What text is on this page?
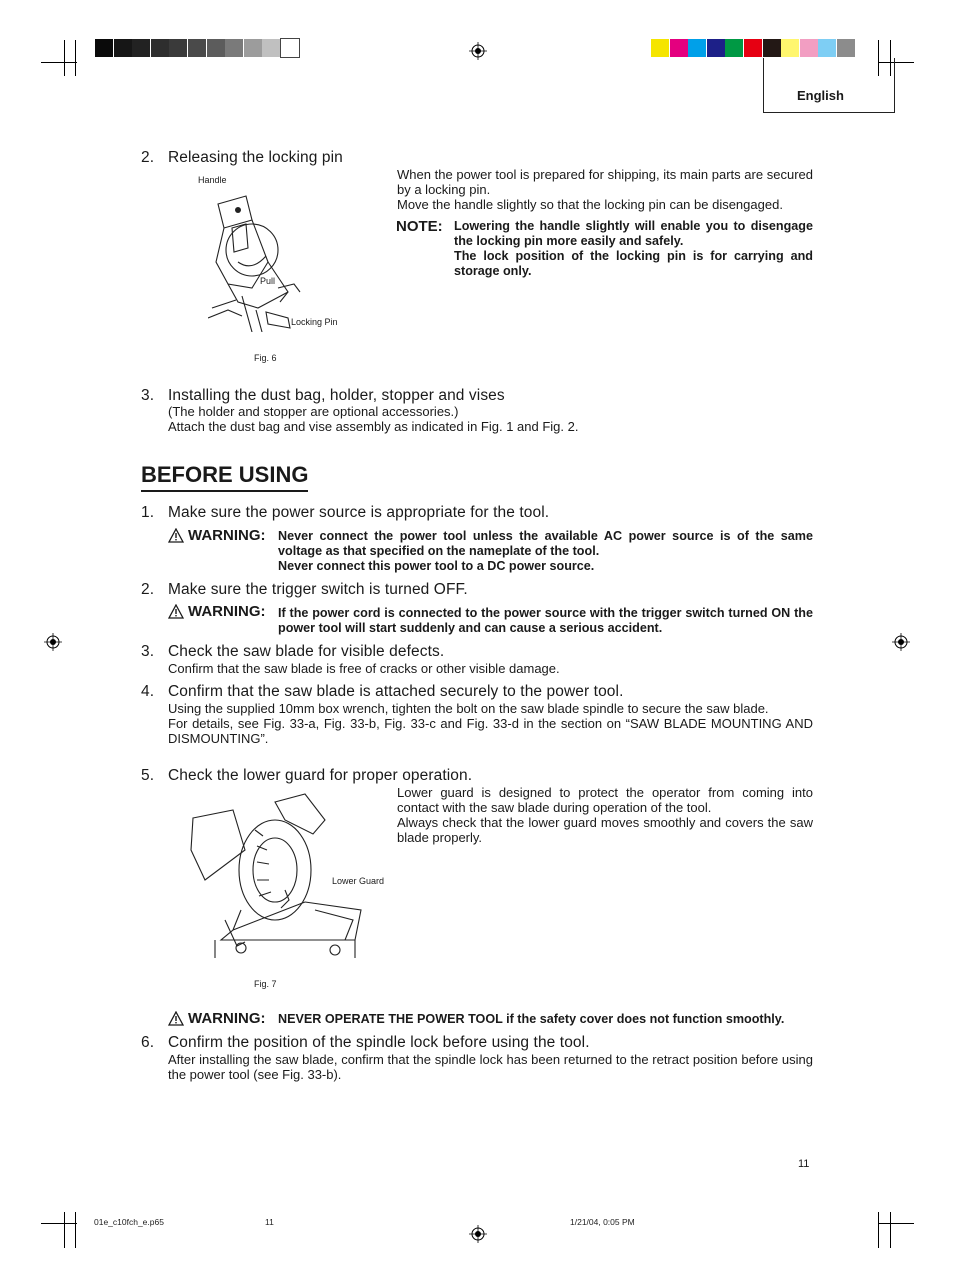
English
2. Releasing the locking pin
Handle
Pull
Locking Pin
Fig. 6
When the power tool is prepared for shipping, its main parts are secured by a locking pin.
Move the handle slightly so that the locking pin can be disengaged.
NOTE: Lowering the handle slightly will enable you to disengage the locking pin more easily and safely.
The lock position of the locking pin is for carrying and storage only.
3. Installing the dust bag, holder, stopper and vises
(The holder and stopper are optional accessories.)
Attach the dust bag and vise assembly as indicated in Fig. 1 and Fig. 2.
BEFORE USING
1. Make sure the power source is appropriate for the tool.
WARNING: Never connect the power tool unless the available AC power source is of the same voltage as that specified on the nameplate of the tool.
Never connect this power tool to a DC power source.
2. Make sure the trigger switch is turned OFF.
WARNING: If the power cord is connected to the power source with the trigger switch turned ON the power tool will start suddenly and can cause a serious accident.
3. Check the saw blade for visible defects.
Confirm that the saw blade is free of cracks or other visible damage.
4. Confirm that the saw blade is attached securely to the power tool.
Using the supplied 10mm box wrench, tighten the bolt on the saw blade spindle to secure the saw blade.
For details, see Fig. 33-a, Fig. 33-b, Fig. 33-c and Fig. 33-d in the section on “SAW BLADE MOUNTING AND DISMOUNTING”.
5. Check the lower guard for proper operation.
Lower guard is designed to protect the operator from coming into contact with the saw blade during operation of the tool.
Always check that the lower guard moves smoothly and covers the saw blade properly.
Lower Guard
Fig. 7
WARNING: NEVER OPERATE THE POWER TOOL if the safety cover does not function smoothly.
6. Confirm the position of the spindle lock before using the tool.
After installing the saw blade, confirm that the spindle lock has been returned to the retract position before using the power tool (see Fig. 33-b).
11
01e_c10fch_e.p65	11	1/21/04, 0:05 PM
